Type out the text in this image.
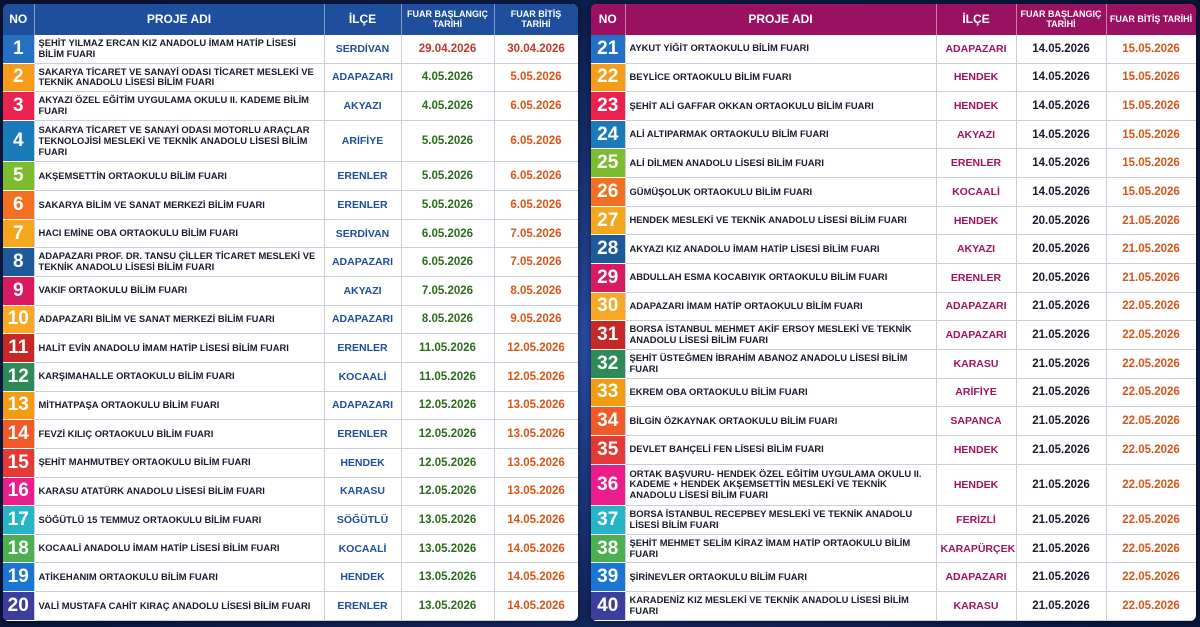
NO	PROJE ADI	İLÇE	FUAR BAŞLANGIÇ TARİHİ	FUAR BİTİŞ TARİHİ
1	ŞEHİT YILMAZ ERCAN KIZ ANADOLU İMAM HATİP LİSESİ BİLİM FUARI	SERDİVAN	29.04.2026	30.04.2026
2	SAKARYA TİCARET VE SANAYİ ODASI TİCARET MESLEKİ VE TEKNİK ANADOLU LİSESİ BİLİM FUARI	ADAPAZARI	4.05.2026	5.05.2026
3	AKYAZI ÖZEL EĞİTİM UYGULAMA OKULU II. KADEME BİLİM FUARI	AKYAZI	4.05.2026	6.05.2026
4	SAKARYA TİCARET VE SANAYİ ODASI MOTORLU ARAÇLAR TEKNOLOJİSİ MESLEKİ VE TEKNİK ANADOLU LİSESİ BİLİM FUARI	ARİFİYE	5.05.2026	6.05.2026
5	AKŞEMSETTİN ORTAOKULU BİLİM FUARI	ERENLER	5.05.2026	6.05.2026
6	SAKARYA BİLİM VE SANAT MERKEZİ BİLİM FUARI	ERENLER	5.05.2026	6.05.2026
7	HACI EMİNE OBA ORTAOKULU BİLİM FUARI	SERDİVAN	6.05.2026	7.05.2026
8	ADAPAZARI PROF. DR. TANSU ÇİLLER TİCARET MESLEKİ VE TEKNİK ANADOLU LİSESİ BİLİM FUARI	ADAPAZARI	6.05.2026	7.05.2026
9	VAKIF ORTAOKULU BİLİM FUARI	AKYAZI	7.05.2026	8.05.2026
10	ADAPAZARI BİLİM VE SANAT MERKEZİ BİLİM FUARI	ADAPAZARI	8.05.2026	9.05.2026
11	HALİT EVİN ANADOLU İMAM HATİP LİSESİ BİLİM FUARI	ERENLER	11.05.2026	12.05.2026
12	KARŞIMAHALLE ORTAOKULU BİLİM FUARI	KOCAALİ	11.05.2026	12.05.2026
13	MİTHATPAŞA ORTAOKULU BİLİM FUARI	ADAPAZARI	12.05.2026	13.05.2026
14	FEVZİ KILIÇ ORTAOKULU BİLİM FUARI	ERENLER	12.05.2026	13.05.2026
15	ŞEHİT MAHMUTBEY ORTAOKULU BİLİM FUARI	HENDEK	12.05.2026	13.05.2026
16	KARASU ATATÜRK ANADOLU LİSESİ BİLİM FUARI	KARASU	12.05.2026	13.05.2026
17	SÖĞÜTLÜ 15 TEMMUZ ORTAOKULU BİLİM FUARI	SÖĞÜTLÜ	13.05.2026	14.05.2026
18	KOCAALİ ANADOLU İMAM HATİP LİSESİ BİLİM FUARI	KOCAALİ	13.05.2026	14.05.2026
19	ATİKEHANIM ORTAOKULU BİLİM FUARI	HENDEK	13.05.2026	14.05.2026
20	VALİ MUSTAFA CAHİT KIRAÇ ANADOLU LİSESİ BİLİM FUARI	ERENLER	13.05.2026	14.05.2026
NO	PROJE ADI	İLÇE	FUAR BAŞLANGIÇ TARİHİ	FUAR BİTİŞ TARİHİ
21	AYKUT YİĞİT ORTAOKULU BİLİM FUARI	ADAPAZARI	14.05.2026	15.05.2026
22	BEYLİCE ORTAOKULU BİLİM FUARI	HENDEK	14.05.2026	15.05.2026
23	ŞEHİT ALİ GAFFAR OKKAN ORTAOKULU BİLİM FUARI	HENDEK	14.05.2026	15.05.2026
24	ALİ ALTIPARMAK ORTAOKULU BİLİM FUARI	AKYAZI	14.05.2026	15.05.2026
25	ALİ DİLMEN ANADOLU LİSESİ BİLİM FUARI	ERENLER	14.05.2026	15.05.2026
26	GÜMÜŞOLUK ORTAOKULU BİLİM FUARI	KOCAALİ	14.05.2026	15.05.2026
27	HENDEK MESLEKİ VE TEKNİK ANADOLU LİSESİ BİLİM FUARI	HENDEK	20.05.2026	21.05.2026
28	AKYAZI KIZ ANADOLU İMAM HATİP LİSESİ BİLİM FUARI	AKYAZI	20.05.2026	21.05.2026
29	ABDULLAH ESMA KOCABIYIK ORTAOKULU BİLİM FUARI	ERENLER	20.05.2026	21.05.2026
30	ADAPAZARI İMAM HATİP ORTAOKULU BİLİM FUARI	ADAPAZARI	21.05.2026	22.05.2026
31	BORSA İSTANBUL MEHMET AKİF ERSOY MESLEKİ VE TEKNİK ANADOLU LİSESİ BİLİM FUARI	ADAPAZARI	21.05.2026	22.05.2026
32	ŞEHİT ÜSTEĞMEN İBRAHİM ABANOZ ANADOLU LİSESİ BİLİM FUARI	KARASU	21.05.2026	22.05.2026
33	EKREM OBA ORTAOKULU BİLİM FUARI	ARİFİYE	21.05.2026	22.05.2026
34	BİLGİN ÖZKAYNAK ORTAOKULU BİLİM FUARI	SAPANCA	21.05.2026	22.05.2026
35	DEVLET BAHÇELİ FEN LİSESİ BİLİM FUARI	HENDEK	21.05.2026	22.05.2026
36	ORTAK BAŞVURU- HENDEK ÖZEL EĞİTİM UYGULAMA OKULU II. KADEME + HENDEK AKŞEMSETTİN MESLEKİ VE TEKNİK ANADOLU LİSESİ BİLİM FUARI	HENDEK	21.05.2026	22.05.2026
37	BORSA İSTANBUL RECEPBEY MESLEKİ VE TEKNİK ANADOLU LİSESİ BİLİM FUARI	FERİZLİ	21.05.2026	22.05.2026
38	ŞEHİT MEHMET SELİM KİRAZ İMAM HATİP ORTAOKULU BİLİM FUARI	KARAPÜRÇEK	21.05.2026	22.05.2026
39	ŞİRİNEVLER ORTAOKULU BİLİM FUARI	ADAPAZARI	21.05.2026	22.05.2026
40	KARADENİZ KIZ MESLEKİ VE TEKNİK ANADOLU LİSESİ BİLİM FUARI	KARASU	21.05.2026	22.05.2026
